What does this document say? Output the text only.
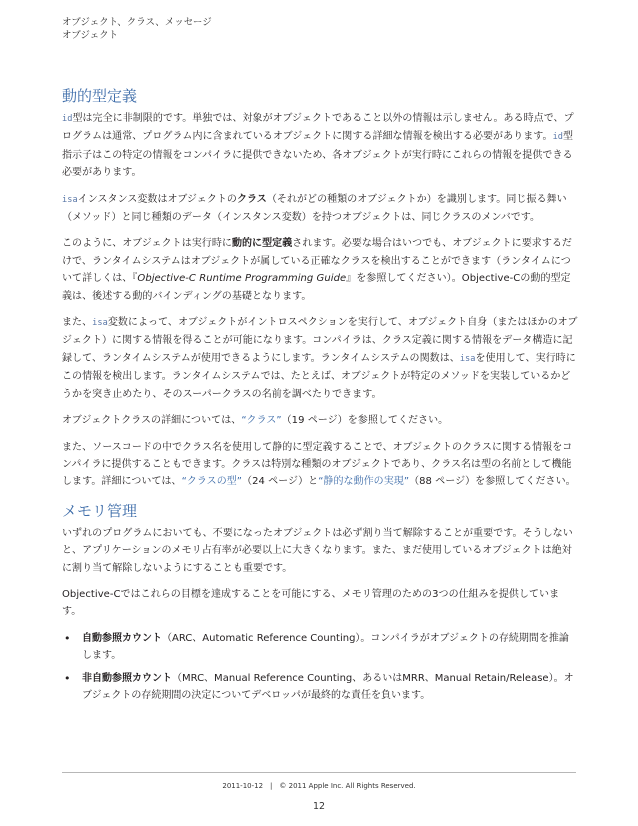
オブジェクト、クラス、メッセージ
オブジェクト
動的型定義

id型は完全に非制限的です。単独では、対象がオブジェクトであること以外の情報は示しません。ある時点で、プログラムは通常、プログラム内に含まれているオブジェクトに関する詳細な情報を検出する必要があります。id型指示子はこの特定の情報をコンパイラに提供できないため、各オブジェクトが実行時にこれらの情報を提供できる必要があります。

isaインスタンス変数はオブジェクトのクラス（それがどの種類のオブジェクトか）を識別します。同じ振る舞い（メソッド）と同じ種類のデータ（インスタンス変数）を持つオブジェクトは、同じクラスのメンバです。

このように、オブジェクトは実行時に動的に型定義されます。必要な場合はいつでも、オブジェクトに要求するだけで、ランタイムシステムはオブジェクトが属している正確なクラスを検出することができます（ランタイムについて詳しくは、『Objective-C Runtime Programming Guide』を参照してください）。Objective-Cの動的型定義は、後述する動的バインディングの基礎となります。

また、isa変数によって、オブジェクトがイントロスペクションを実行して、オブジェクト自身（またはほかのオブジェクト）に関する情報を得ることが可能になります。コンパイラは、クラス定義に関する情報をデータ構造に記録して、ランタイムシステムが使用できるようにします。ランタイムシステムの関数は、isaを使用して、実行時にこの情報を検出します。ランタイムシステムでは、たとえば、オブジェクトが特定のメソッドを実装しているかどうかを突き止めたり、そのスーパークラスの名前を調べたりできます。

オブジェクトクラスの詳細については、“クラス”（19 ページ）を参照してください。

また、ソースコードの中でクラス名を使用して静的に型定義することで、オブジェクトのクラスに関する情報をコンパイラに提供することもできます。クラスは特別な種類のオブジェクトであり、クラス名は型の名前として機能します。詳細については、“クラスの型”（24 ページ）と“静的な動作の実現”（88 ページ）を参照してください。

メモリ管理

いずれのプログラムにおいても、不要になったオブジェクトは必ず割り当て解除することが重要です。そうしないと、アプリケーションのメモリ占有率が必要以上に大きくなります。また、まだ使用しているオブジェクトは絶対に割り当て解除しないようにすることも重要です。

Objective-Cではこれらの目標を達成することを可能にする、メモリ管理のための3つの仕組みを提供しています。

• 自動参照カウント（ARC、Automatic Reference Counting）。コンパイラがオブジェクトの存続期間を推論します。
• 非自動参照カウント（MRC、Manual Reference Counting、あるいはMRR、Manual Retain/Release）。オブジェクトの存続期間の決定についてデベロッパが最終的な責任を負います。
2011-10-12　|　© 2011 Apple Inc. All Rights Reserved.
12
